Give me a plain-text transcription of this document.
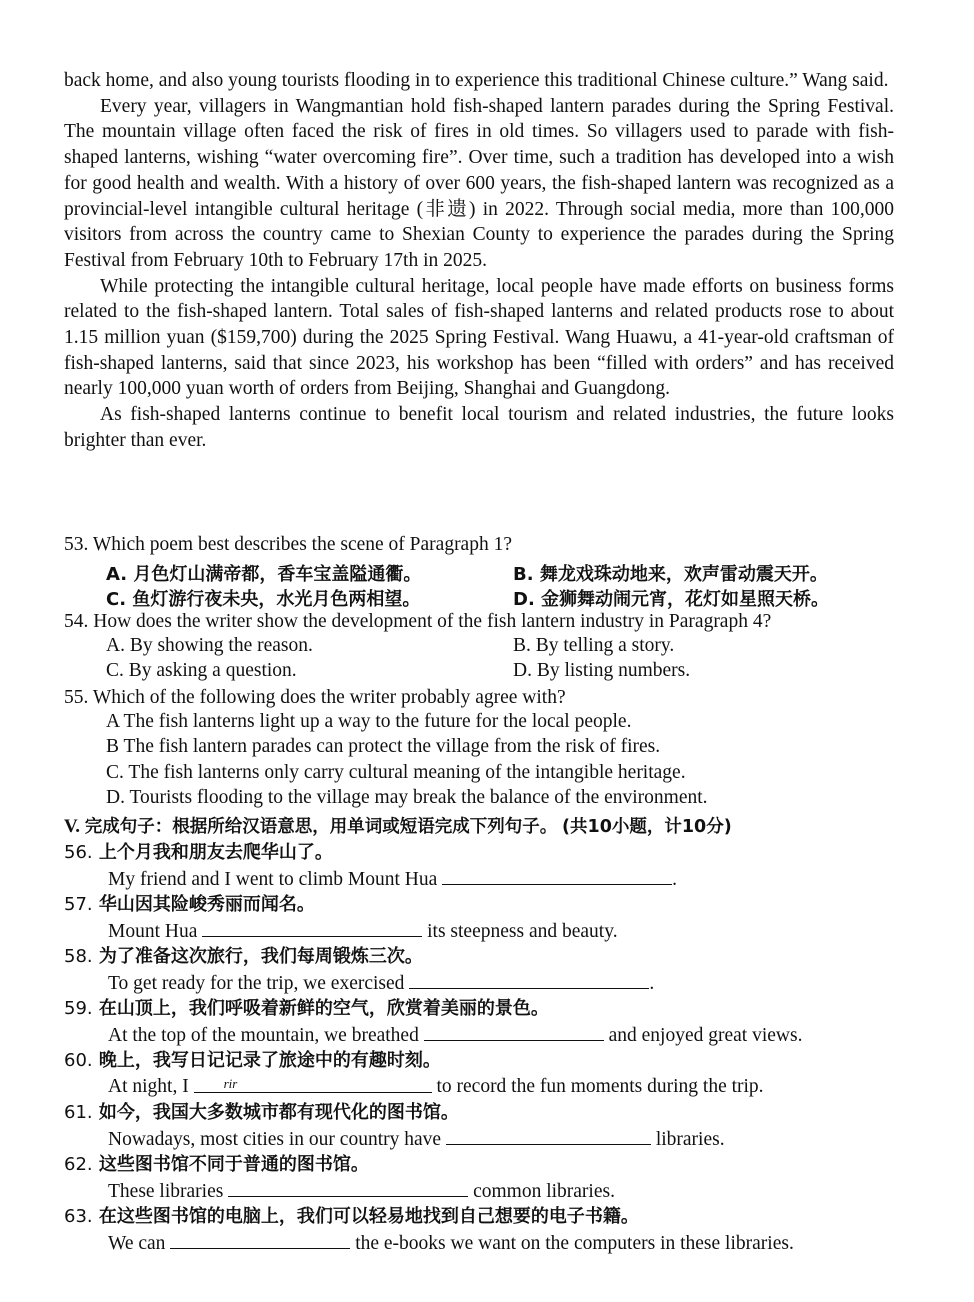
back home, and also young tourists flooding in to experience this traditional Chinese culture.” Wang said.

Every year, villagers in Wangmantian hold fish-shaped lantern parades during the Spring Festival. The mountain village often faced the risk of fires in old times. So villagers used to parade with fish-shaped lanterns, wishing “water overcoming fire”. Over time, such a tradition has developed into a wish for good health and wealth. With a history of over 600 years, the fish-shaped lantern was recognized as a provincial-level intangible cultural heritage (非遗) in 2022. Through social media, more than 100,000 visitors from across the country came to Shexian County to experience the parades during the Spring Festival from February 10th to February 17th in 2025.

While protecting the intangible cultural heritage, local people have made efforts on business forms related to the fish-shaped lantern. Total sales of fish-shaped lanterns and related products rose to about 1.15 million yuan ($159,700) during the 2025 Spring Festival. Wang Huawu, a 41-year-old craftsman of fish-shaped lanterns, said that since 2023, his workshop has been “filled with orders” and has received nearly 100,000 yuan worth of orders from Beijing, Shanghai and Guangdong.

As fish-shaped lanterns continue to benefit local tourism and related industries, the future looks brighter than ever.

53. Which poem best describes the scene of Paragraph 1?
A. 月色灯山满帝都，香车宝盖隘通衢。	B. 舞龙戏珠动地来，欢声雷动震天开。
C. 鱼灯游行夜未央，水光月色两相望。	D. 金狮舞动闹元宵，花灯如星照天桥。
54. How does the writer show the development of the fish lantern industry in Paragraph 4?
A. By showing the reason.	B. By telling a story.
C. By asking a question.	D. By listing numbers.
55. Which of the following does the writer probably agree with?
A The fish lanterns light up a way to the future for the local people.
B The fish lantern parades can protect the village from the risk of fires.
C. The fish lanterns only carry cultural meaning of the intangible heritage.
D. Tourists flooding to the village may break the balance of the environment.
V. 完成句子：根据所给汉语意思，用单词或短语完成下列句子。 (共10小题，计10分)
56. 上个月我和朋友去爬华山了。
My friend and I went to climb Mount Hua	.
57. 华山因其险峻秀丽而闻名。
Mount Hua	its steepness and beauty.
58. 为了准备这次旅行，我们每周锻炼三次。
To get ready for the trip, we exercised	.
59. 在山顶上，我们呼吸着新鲜的空气，欣赏着美丽的景色。
At the top of the mountain, we breathed	and enjoyed great views.
60. 晚上，我写日记记录了旅途中的有趣时刻。
At night, I	$^{rir}$	to record the fun moments during the trip.
61. 如今，我国大多数城市都有现代化的图书馆。
Nowadays, most cities in our country have	libraries.
62. 这些图书馆不同于普通的图书馆。
These libraries	common libraries.
63. 在这些图书馆的电脑上，我们可以轻易地找到自己想要的电子书籍。
We can	the e-books we want on the computers in these libraries.
